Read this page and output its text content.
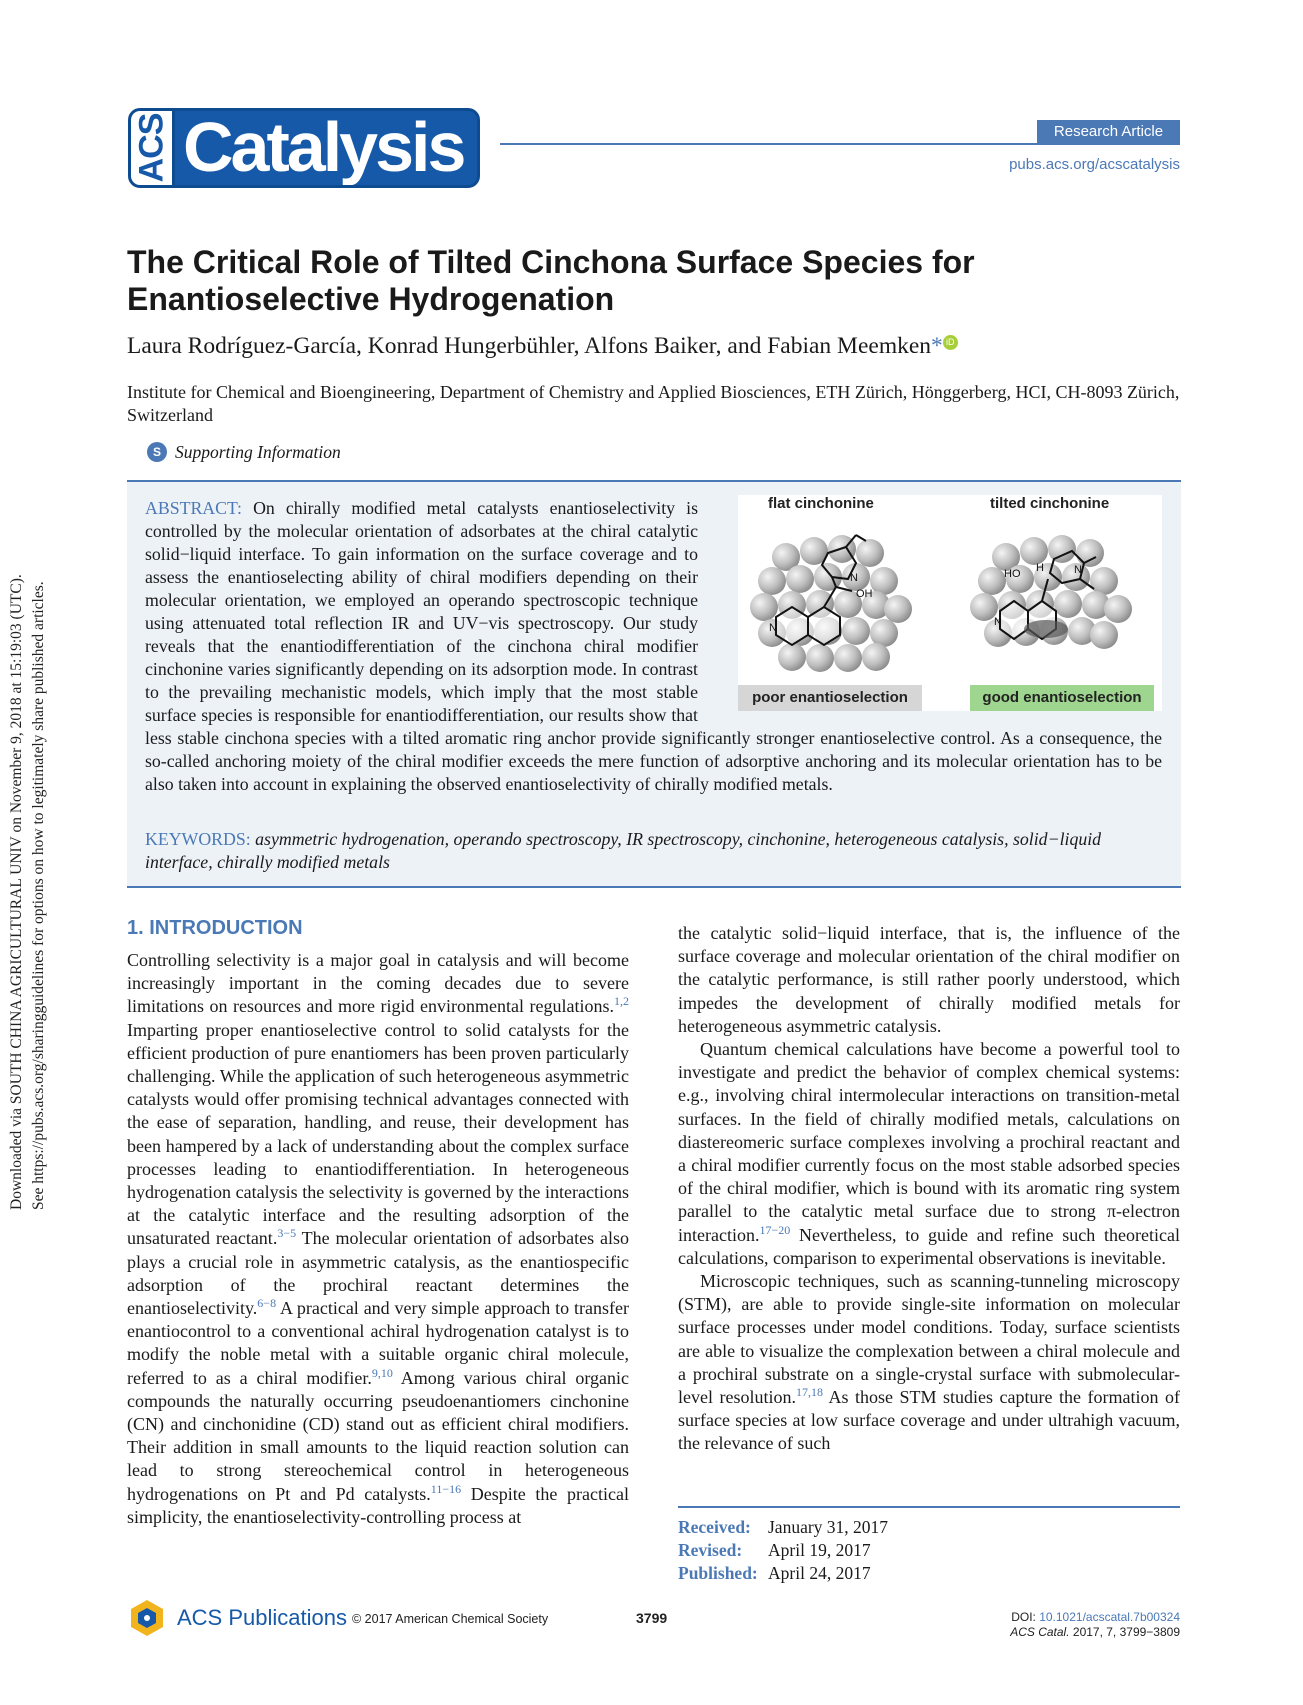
Downloaded via SOUTH CHINA AGRICULTURAL UNIV on November 9, 2018 at 15:19:03 (UTC). See https://pubs.acs.org/sharingguidelines for options on how to legitimately share published articles.
ACS Catalysis	Research Article
pubs.acs.org/acscatalysis
The Critical Role of Tilted Cinchona Surface Species for Enantioselective Hydrogenation
Laura Rodríguez-García, Konrad Hungerbühler, Alfons Baiker, and Fabian Meemken* iD
Institute for Chemical and Bioengineering, Department of Chemistry and Applied Biosciences, ETH Zürich, Hönggerberg, HCI, CH-8093 Zürich, Switzerland
S Supporting Information

ABSTRACT: On chirally modified metal catalysts enantioselectivity is controlled by the molecular orientation of adsorbates at the chiral catalytic solid−liquid interface. To gain information on the surface coverage and to assess the enantioselecting ability of chiral modifiers depending on their molecular orientation, we employed an operando spectroscopic technique using attenuated total reflection IR and UV−vis spectroscopy. Our study reveals that the enantiodifferentiation of the cinchona chiral modifier cinchonine varies significantly depending on its adsorption mode. In contrast to the prevailing mechanistic models, which imply that the most stable surface species is responsible for enantiodifferentiation, our results show that less stable cinchona species with a tilted aromatic ring anchor provide significantly stronger enantioselective control. As a consequence, the so-called anchoring moiety of the chiral modifier exceeds the mere function of adsorptive anchoring and its molecular orientation has to be also taken into account in explaining the observed enantioselectivity of chirally modified metals.

KEYWORDS: asymmetric hydrogenation, operando spectroscopy, IR spectroscopy, cinchonine, heterogeneous catalysis, solid−liquid interface, chirally modified metals

flat cinchonine	tilted cinchonine
N
N
OH
N
HO H	N
poor enantioselection	good enantioselection
1. INTRODUCTION

Controlling selectivity is a major goal in catalysis and will become increasingly important in the coming decades due to severe limitations on resources and more rigid environmental regulations.$^{1,2}$ Imparting proper enantioselective control to solid catalysts for the efficient production of pure enantiomers has been proven particularly challenging. While the application of such heterogeneous asymmetric catalysts would offer promising technical advantages connected with the ease of separation, handling, and reuse, their development has been hampered by a lack of understanding about the complex surface processes leading to enantiodifferentiation. In heterogeneous hydrogenation catalysis the selectivity is governed by the interactions at the catalytic interface and the resulting adsorption of the unsaturated reactant.$^{3-5}$ The molecular orientation of adsorbates also plays a crucial role in asymmetric catalysis, as the enantiospecific adsorption of the prochiral reactant determines the enantioselectivity.$^{6-8}$ A practical and very simple approach to transfer enantiocontrol to a conventional achiral hydrogenation catalyst is to modify the noble metal with a suitable organic chiral molecule, referred to as a chiral modifier.$^{9,10}$ Among various chiral organic compounds the naturally occurring pseudoenantiomers cinchonine (CN) and cinchonidine (CD) stand out as efficient chiral modifiers. Their addition in small amounts to the liquid reaction solution can lead to strong stereochemical control in heterogeneous hydrogenations on Pt and Pd catalysts.$^{11-16}$ Despite the practical simplicity, the enantioselectivity-controlling process at

the catalytic solid−liquid interface, that is, the influence of the surface coverage and molecular orientation of the chiral modifier on the catalytic performance, is still rather poorly understood, which impedes the development of chirally modified metals for heterogeneous asymmetric catalysis.

Quantum chemical calculations have become a powerful tool to investigate and predict the behavior of complex chemical systems: e.g., involving chiral intermolecular interactions on transition-metal surfaces. In the field of chirally modified metals, calculations on diastereomeric surface complexes involving a prochiral reactant and a chiral modifier currently focus on the most stable adsorbed species of the chiral modifier, which is bound with its aromatic ring system parallel to the catalytic metal surface due to strong π-electron interaction.$^{17-20}$ Nevertheless, to guide and refine such theoretical calculations, comparison to experimental observations is inevitable.

Microscopic techniques, such as scanning-tunneling microscopy (STM), are able to provide single-site information on molecular surface processes under model conditions. Today, surface scientists are able to visualize the complexation between a chiral molecule and a prochiral substrate on a single-crystal surface with submolecular-level resolution.$^{17,18}$ As those STM studies capture the formation of surface species at low surface coverage and under ultrahigh vacuum, the relevance of such

Received: January 31, 2017
Revised:	April 19, 2017
Published: April 24, 2017
ACS Publications © 2017 American Chemical Society	3799	DOI: 10.1021/acscatal.7b00324
ACS Catal. 2017, 7, 3799−3809
